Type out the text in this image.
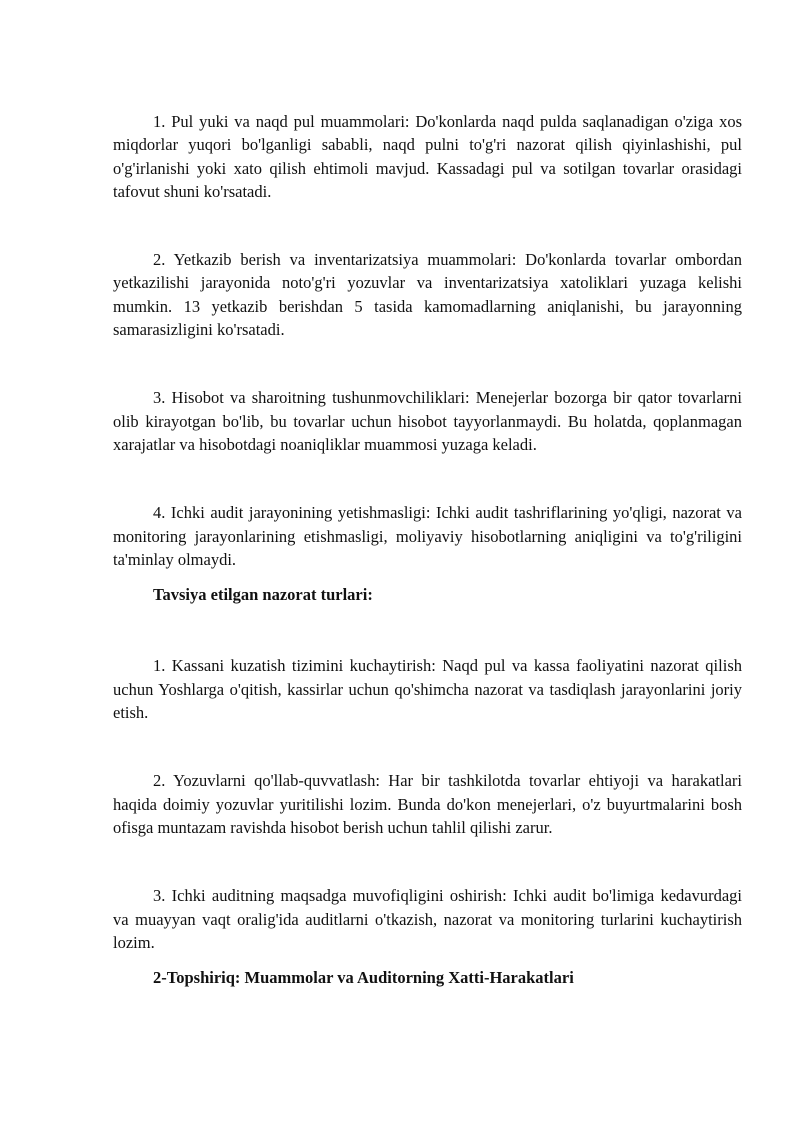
1. Pul yuki va naqd pul muammolari: Do'konlarda naqd pulda saqlanadigan o'ziga xos miqdorlar yuqori bo'lganligi sababli, naqd pulni to'g'ri nazorat qilish qiyinlashishi, pul o'g'irlanishi yoki xato qilish ehtimoli mavjud. Kassadagi pul va sotilgan tovarlar orasidagi tafovut shuni ko'rsatadi.

2. Yetkazib berish va inventarizatsiya muammolari: Do'konlarda tovarlar ombordan yetkazilishi jarayonida noto'g'ri yozuvlar va inventarizatsiya xatoliklari yuzaga kelishi mumkin. 13 yetkazib berishdan 5 tasida kamomadlarning aniqlanishi, bu jarayonning samarasizligini ko'rsatadi.

3. Hisobot va sharoitning tushunmovchiliklari: Menejerlar bozorga bir qator tovarlarni olib kirayotgan bo'lib, bu tovarlar uchun hisobot tayyorlanmaydi. Bu holatda, qoplanmagan xarajatlar va hisobotdagi noaniqliklar muammosi yuzaga keladi.

4. Ichki audit jarayonining yetishmasligi: Ichki audit tashriflarining yo'qligi, nazorat va monitoring jarayonlarining etishmasligi, moliyaviy hisobotlarning aniqligini va to'g'riligini ta'minlay olmaydi.

Tavsiya etilgan nazorat turlari:

1. Kassani kuzatish tizimini kuchaytirish: Naqd pul va kassa faoliyatini nazorat qilish uchun Yoshlarga o'qitish, kassirlar uchun qo'shimcha nazorat va tasdiqlash jarayonlarini joriy etish.

2. Yozuvlarni qo'llab-quvvatlash: Har bir tashkilotda tovarlar ehtiyoji va harakatlari haqida doimiy yozuvlar yuritilishi lozim. Bunda do'kon menejerlari, o'z buyurtmalarini bosh ofisga muntazam ravishda hisobot berish uchun tahlil qilishi zarur.

3. Ichki auditning maqsadga muvofiqligini oshirish: Ichki audit bo'limiga kedavurdagi va muayyan vaqt oralig'ida auditlarni o'tkazish, nazorat va monitoring turlarini kuchaytirish lozim.

2-Topshiriq: Muammolar va Auditorning Xatti-Harakatlari
